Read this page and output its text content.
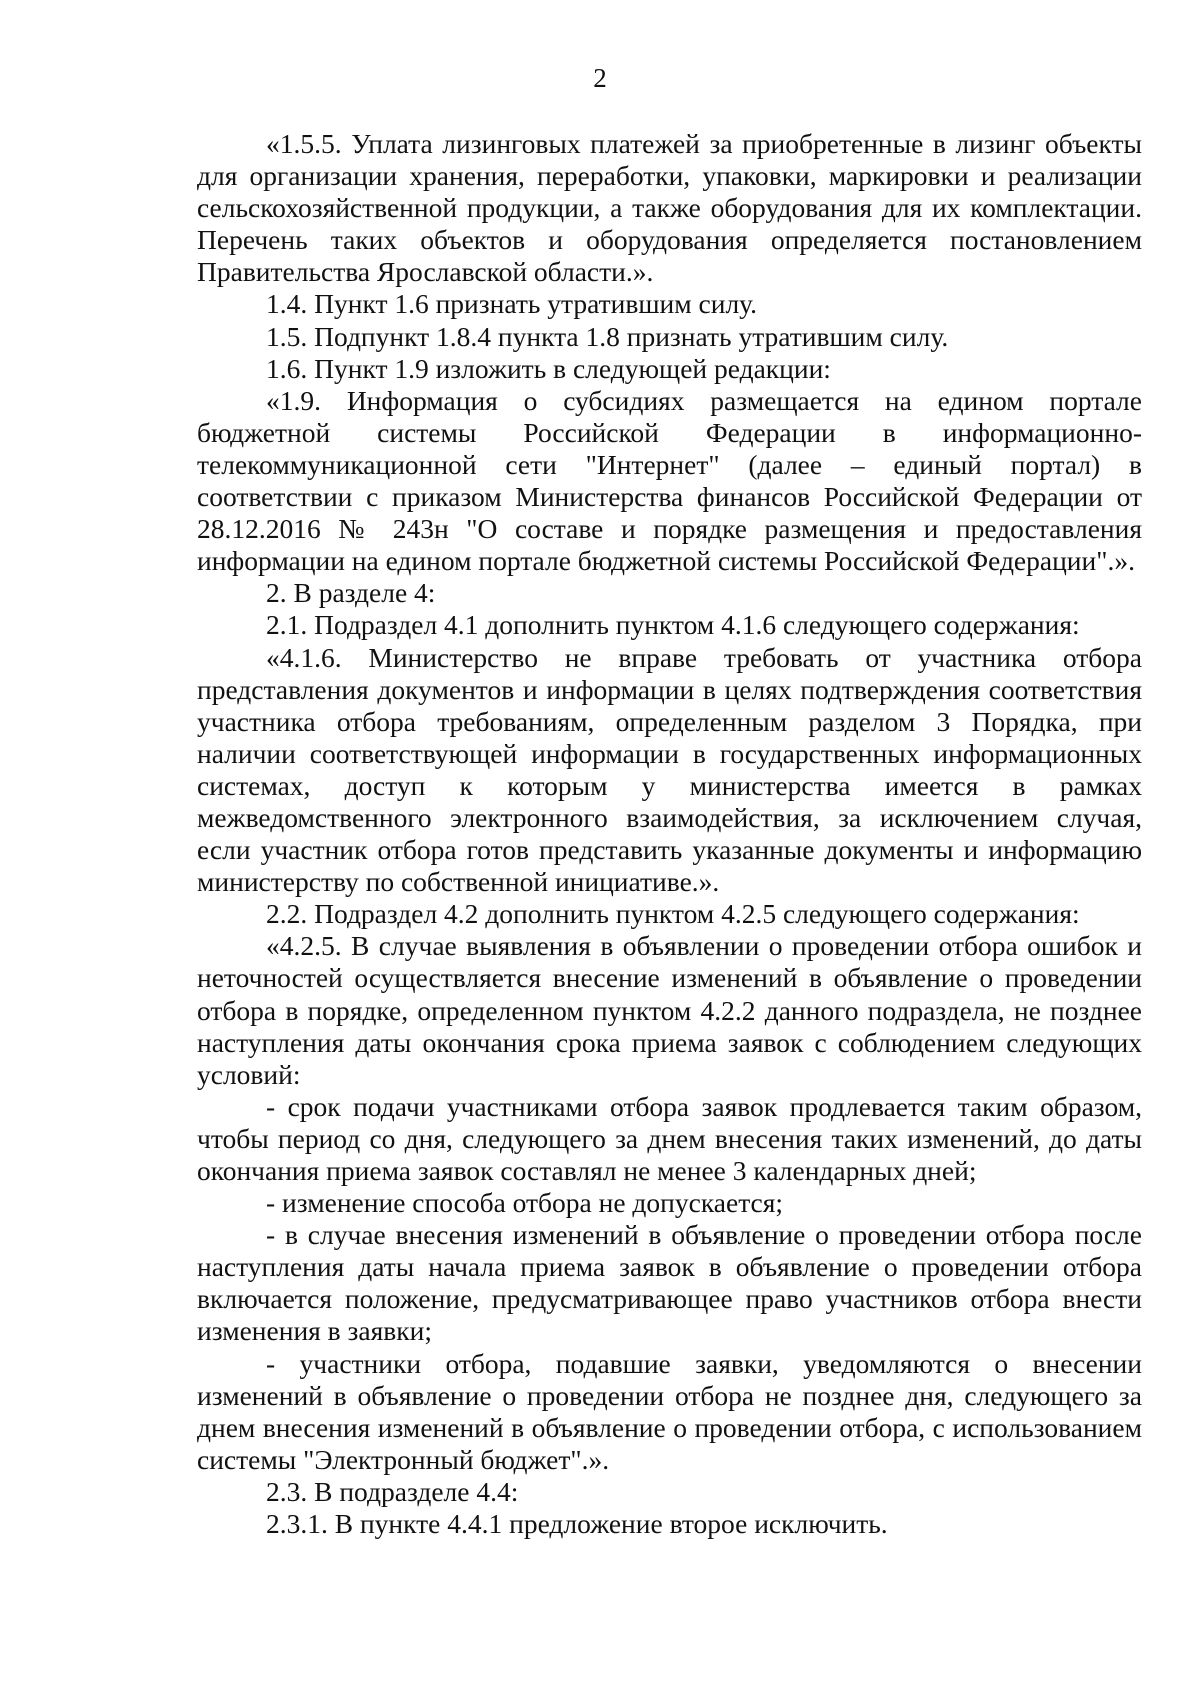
2

«1.5.5. Уплата лизинговых платежей за приобретенные в лизинг объекты для организации хранения, переработки, упаковки, маркировки и реализации сельскохозяйственной продукции, а также оборудования для их комплектации. Перечень таких объектов и оборудования определяется постановлением Правительства Ярославской области.».

1.4. Пункт 1.6 признать утратившим силу.

1.5. Подпункт 1.8.4 пункта 1.8 признать утратившим силу.

1.6. Пункт 1.9 изложить в следующей редакции:

«1.9. Информация о субсидиях размещается на едином портале бюджетной системы Российской Федерации в информационно-телекоммуникационной сети "Интернет" (далее – единый портал) в соответствии с приказом Министерства финансов Российской Федерации от 28.12.2016 № 243н "О составе и порядке размещения и предоставления информации на едином портале бюджетной системы Российской Федерации".».

2. В разделе 4:

2.1. Подраздел 4.1 дополнить пунктом 4.1.6 следующего содержания:

«4.1.6. Министерство не вправе требовать от участника отбора представления документов и информации в целях подтверждения соответствия участника отбора требованиям, определенным разделом 3 Порядка, при наличии соответствующей информации в государственных информационных системах, доступ к которым у министерства имеется в рамках межведомственного электронного взаимодействия, за исключением случая, если участник отбора готов представить указанные документы и информацию министерству по собственной инициативе.».

2.2. Подраздел 4.2 дополнить пунктом 4.2.5 следующего содержания:

«4.2.5. В случае выявления в объявлении о проведении отбора ошибок и неточностей осуществляется внесение изменений в объявление о проведении отбора в порядке, определенном пунктом 4.2.2 данного подраздела, не позднее наступления даты окончания срока приема заявок с соблюдением следующих условий:

- срок подачи участниками отбора заявок продлевается таким образом, чтобы период со дня, следующего за днем внесения таких изменений, до даты окончания приема заявок составлял не менее 3 календарных дней;

- изменение способа отбора не допускается;

- в случае внесения изменений в объявление о проведении отбора после наступления даты начала приема заявок в объявление о проведении отбора включается положение, предусматривающее право участников отбора внести изменения в заявки;

- участники отбора, подавшие заявки, уведомляются о внесении изменений в объявление о проведении отбора не позднее дня, следующего за днем внесения изменений в объявление о проведении отбора, с использованием системы "Электронный бюджет".».

2.3. В подразделе 4.4:

2.3.1. В пункте 4.4.1 предложение второе исключить.
